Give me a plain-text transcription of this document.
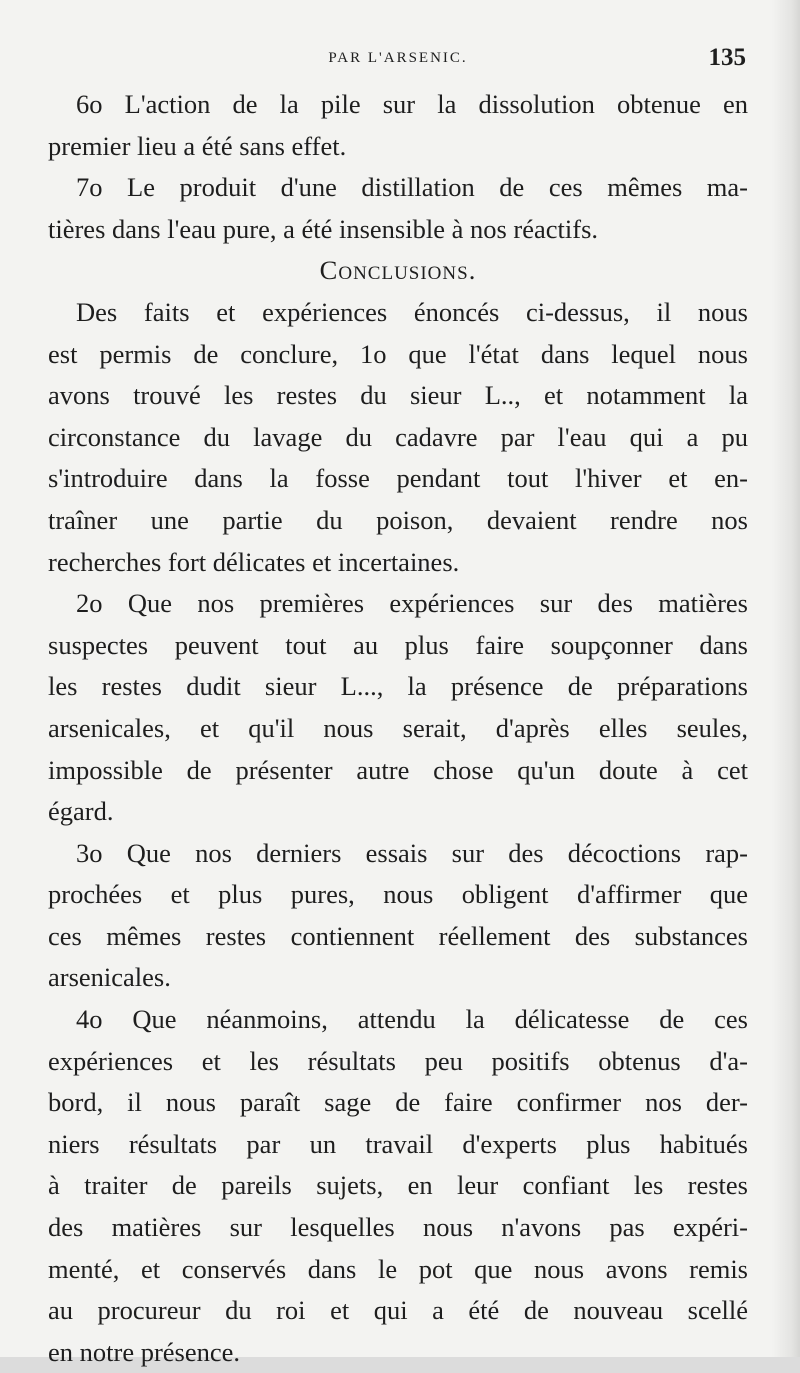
PAR L'ARSENIC.	135
6o L'action de la pile sur la dissolution obtenue en
premier lieu a été sans effet.
7o Le produit d'une distillation de ces mêmes ma-
tières dans l'eau pure, a été insensible à nos réactifs.
Conclusions.
Des faits et expériences énoncés ci-dessus, il nous
est permis de conclure, 1o que l'état dans lequel nous
avons trouvé les restes du sieur L.., et notamment la
circonstance du lavage du cadavre par l'eau qui a pu
s'introduire dans la fosse pendant tout l'hiver et en-
traîner une partie du poison, devaient rendre nos
recherches fort délicates et incertaines.
2o Que nos premières expériences sur des matières
suspectes peuvent tout au plus faire soupçonner dans
les restes dudit sieur L..., la présence de préparations
arsenicales, et qu'il nous serait, d'après elles seules,
impossible de présenter autre chose qu'un doute à cet
égard.
3o Que nos derniers essais sur des décoctions rap-
prochées et plus pures, nous obligent d'affirmer que
ces mêmes restes contiennent réellement des substances
arsenicales.
4o Que néanmoins, attendu la délicatesse de ces
expériences et les résultats peu positifs obtenus d'a-
bord, il nous paraît sage de faire confirmer nos der-
niers résultats par un travail d'experts plus habitués
à traiter de pareils sujets, en leur confiant les restes
des matières sur lesquelles nous n'avons pas expéri-
menté, et conservés dans le pot que nous avons remis
au procureur du roi et qui a été de nouveau scellé
en notre présence.
